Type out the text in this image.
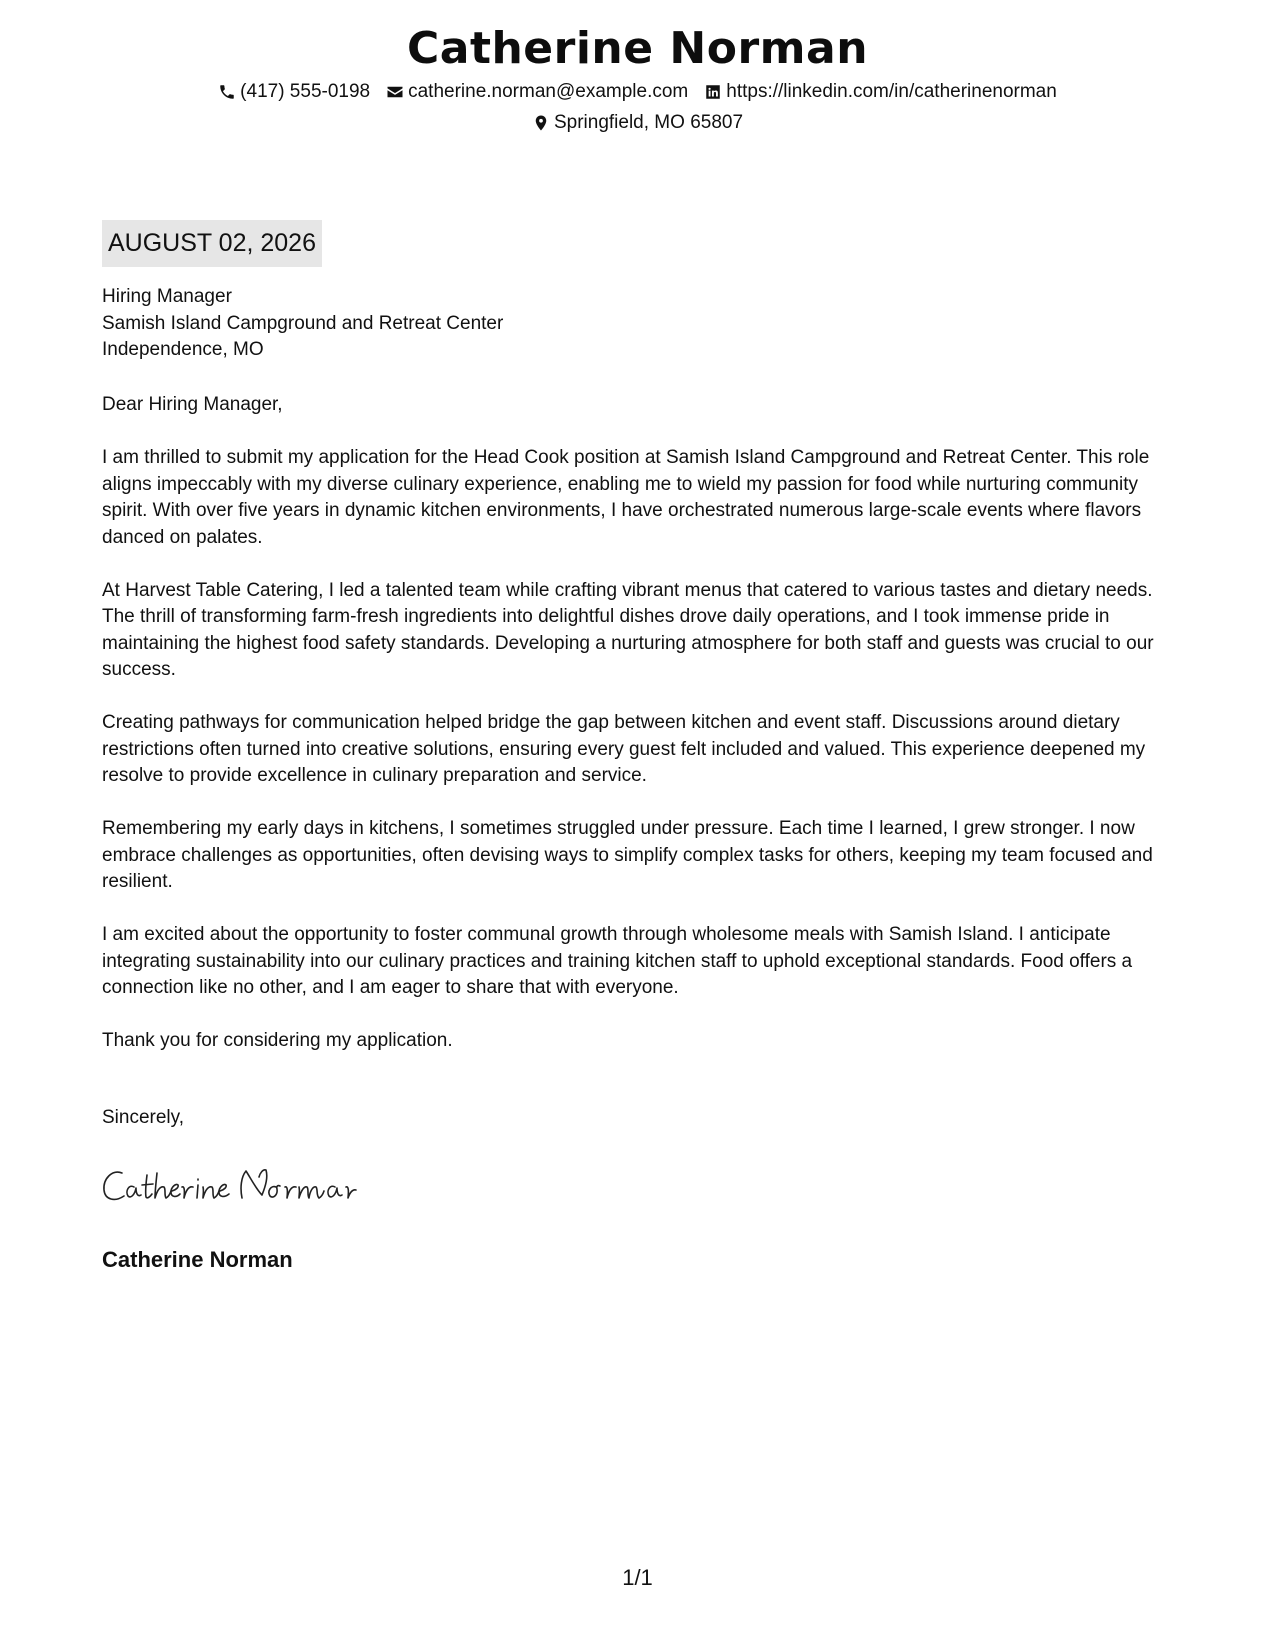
Catherine Norman
(417) 555-0198 catherine.norman@example.com https://linkedin.com/in/catherinenorman
Springfield, MO 65807
AUGUST 02, 2026
Hiring Manager
Samish Island Campground and Retreat Center
Independence, MO

Dear Hiring Manager,

I am thrilled to submit my application for the Head Cook position at Samish Island Campground and Retreat Center. This role aligns impeccably with my diverse culinary experience, enabling me to wield my passion for food while nurturing community spirit. With over five years in dynamic kitchen environments, I have orchestrated numerous large-scale events where flavors danced on palates.

At Harvest Table Catering, I led a talented team while crafting vibrant menus that catered to various tastes and dietary needs. The thrill of transforming farm-fresh ingredients into delightful dishes drove daily operations, and I took immense pride in maintaining the highest food safety standards. Developing a nurturing atmosphere for both staff and guests was crucial to our success.

Creating pathways for communication helped bridge the gap between kitchen and event staff. Discussions around dietary restrictions often turned into creative solutions, ensuring every guest felt included and valued. This experience deepened my resolve to provide excellence in culinary preparation and service.

Remembering my early days in kitchens, I sometimes struggled under pressure. Each time I learned, I grew stronger. I now embrace challenges as opportunities, often devising ways to simplify complex tasks for others, keeping my team focused and resilient.

I am excited about the opportunity to foster communal growth through wholesome meals with Samish Island. I anticipate integrating sustainability into our culinary practices and training kitchen staff to uphold exceptional standards. Food offers a connection like no other, and I am eager to share that with everyone.

Thank you for considering my application.

Sincerely,
Catherine Norman
1/1
